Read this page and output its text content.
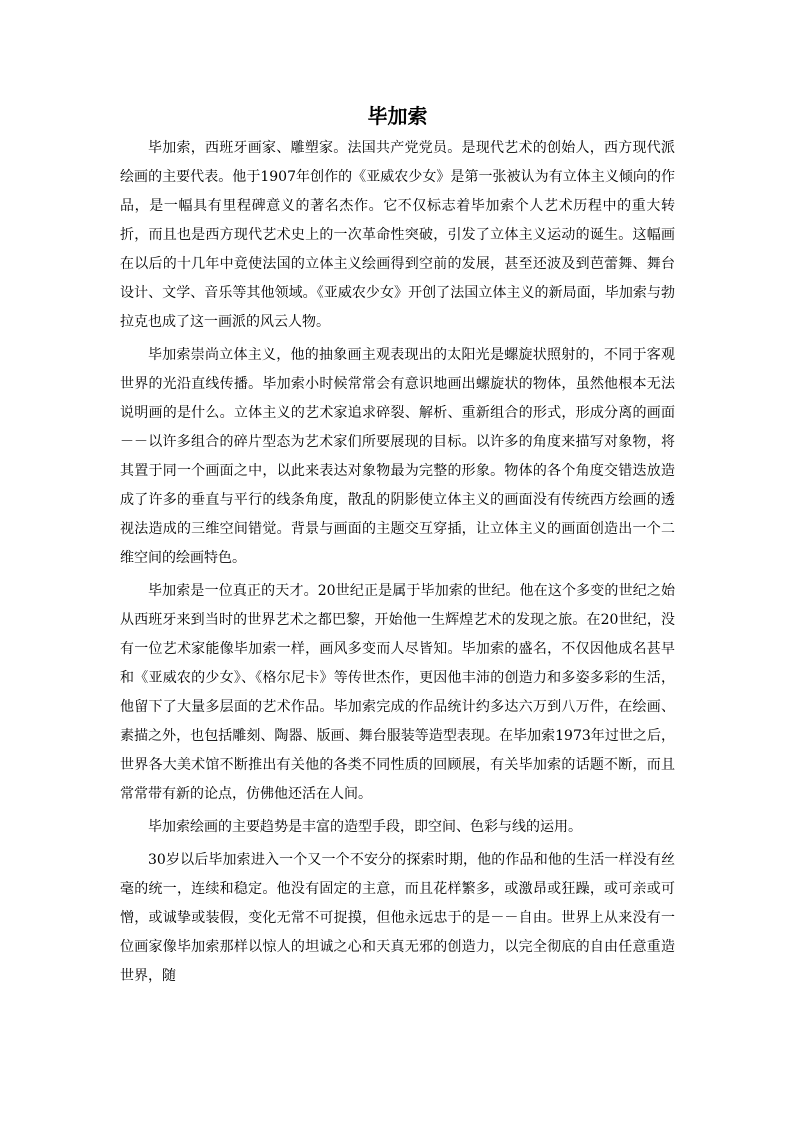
毕加索

毕加索，西班牙画家、雕塑家。法国共产党党员。是现代艺术的创始人，西方现代派绘画的主要代表。他于1907年创作的《亚威农少女》是第一张被认为有立体主义倾向的作品，是一幅具有里程碑意义的著名杰作。它不仅标志着毕加索个人艺术历程中的重大转折，而且也是西方现代艺术史上的一次革命性突破，引发了立体主义运动的诞生。这幅画在以后的十几年中竟使法国的立体主义绘画得到空前的发展，甚至还波及到芭蕾舞、舞台设计、文学、音乐等其他领域。《亚威农少女》开创了法国立体主义的新局面，毕加索与勃拉克也成了这一画派的风云人物。

毕加索崇尚立体主义，他的抽象画主观表现出的太阳光是螺旋状照射的，不同于客观世界的光沿直线传播。毕加索小时候常常会有意识地画出螺旋状的物体，虽然他根本无法说明画的是什么。立体主义的艺术家追求碎裂、解析、重新组合的形式，形成分离的画面－－以许多组合的碎片型态为艺术家们所要展现的目标。以许多的角度来描写对象物，将其置于同一个画面之中，以此来表达对象物最为完整的形象。物体的各个角度交错迭放造成了许多的垂直与平行的线条角度，散乱的阴影使立体主义的画面没有传统西方绘画的透视法造成的三维空间错觉。背景与画面的主题交互穿插，让立体主义的画面创造出一个二维空间的绘画特色。

毕加索是一位真正的天才。20世纪正是属于毕加索的世纪。他在这个多变的世纪之始从西班牙来到当时的世界艺术之都巴黎，开始他一生辉煌艺术的发现之旅。在20世纪，没有一位艺术家能像毕加索一样，画风多变而人尽皆知。毕加索的盛名，不仅因他成名甚早和《亚威农的少女》、《格尔尼卡》等传世杰作，更因他丰沛的创造力和多姿多彩的生活，他留下了大量多层面的艺术作品。毕加索完成的作品统计约多达六万到八万件，在绘画、素描之外，也包括雕刻、陶器、版画、舞台服装等造型表现。在毕加索1973年过世之后，世界各大美术馆不断推出有关他的各类不同性质的回顾展，有关毕加索的话题不断，而且常常带有新的论点，仿佛他还活在人间。

毕加索绘画的主要趋势是丰富的造型手段，即空间、色彩与线的运用。

30岁以后毕加索进入一个又一个不安分的探索时期，他的作品和他的生活一样没有丝毫的统一，连续和稳定。他没有固定的主意，而且花样繁多，或激昂或狂躁，或可亲或可憎，或诚挚或装假，变化无常不可捉摸，但他永远忠于的是－－自由。世界上从来没有一位画家像毕加索那样以惊人的坦诚之心和天真无邪的创造力，以完全彻底的自由任意重造世界，随
